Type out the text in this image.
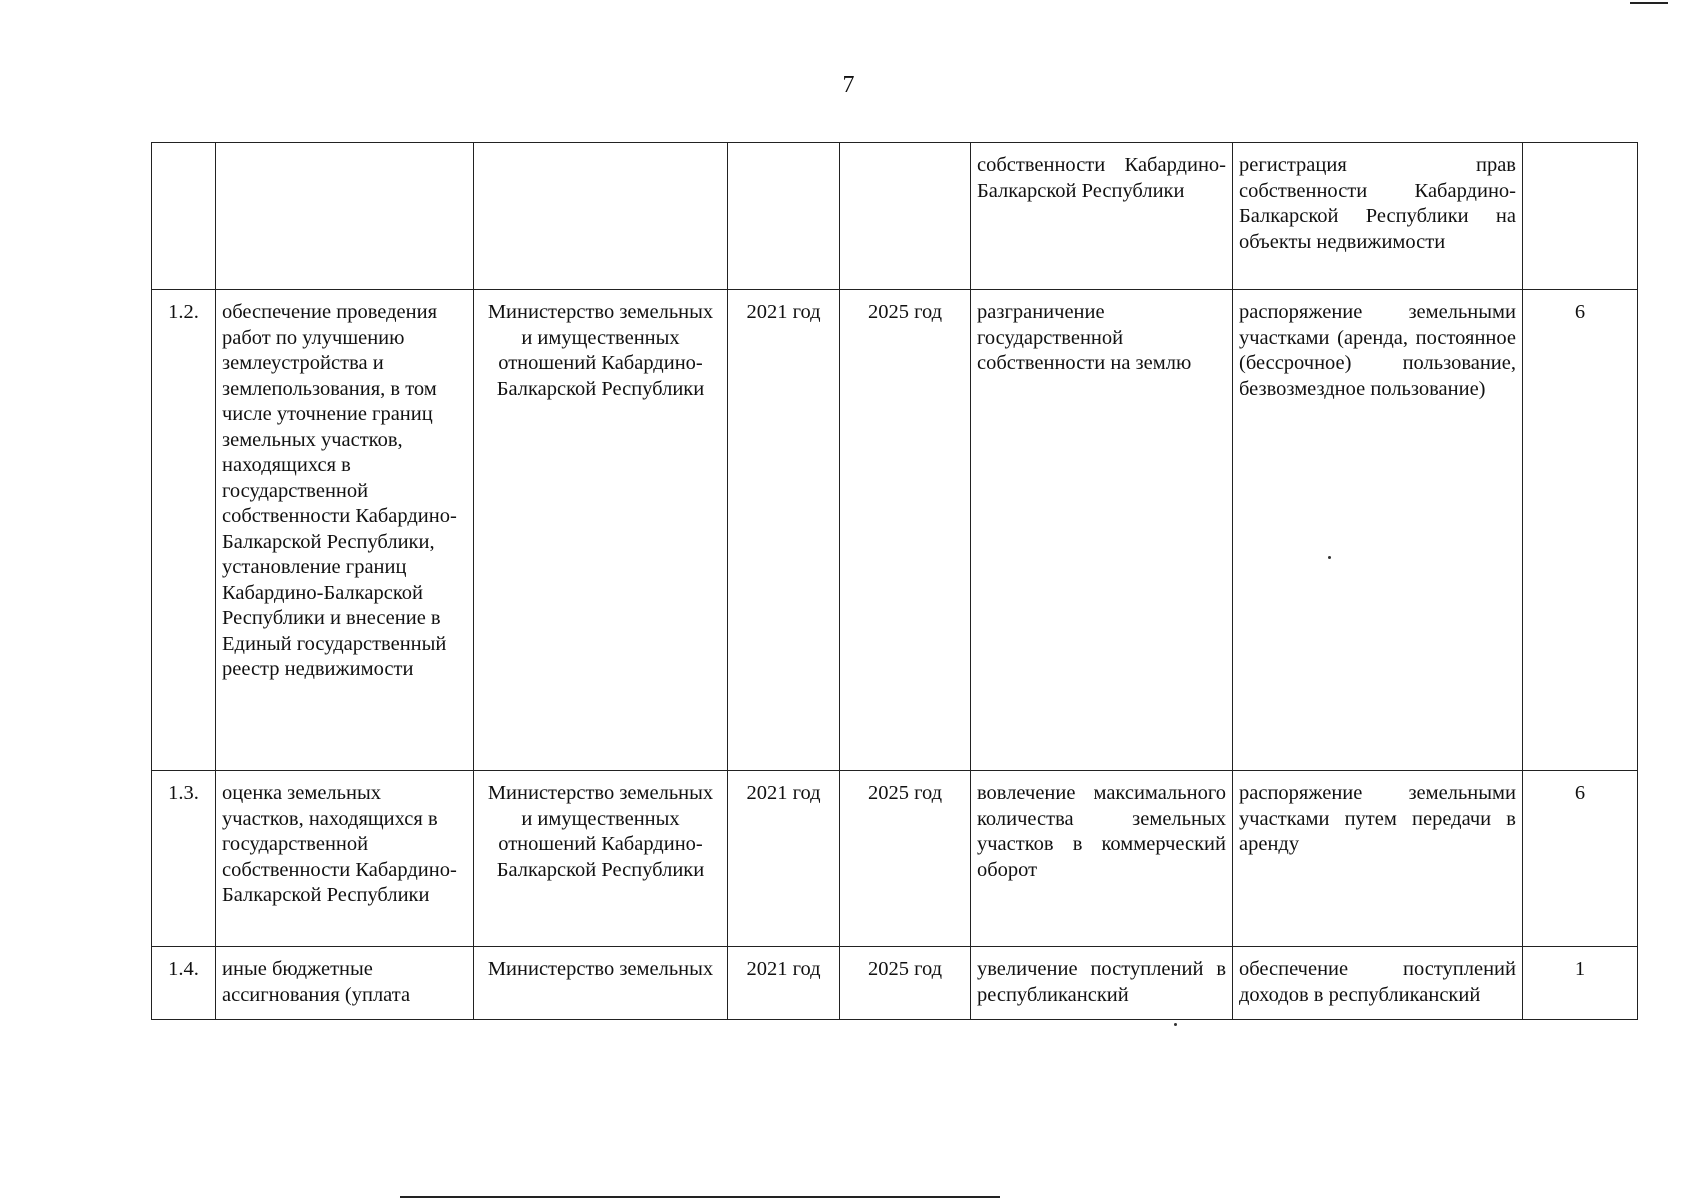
7
					собственности Кабардино-Балкарской Республики	регистрация прав собственности Кабардино-Балкарской Республики на объекты недвижимости	
1.2.	обеспечение проведения работ по улучшению землеустройства и землепользования, в том числе уточнение границ земельных участков, находящихся в государственной собственности Кабардино-Балкарской Республики, установление границ Кабардино-Балкарской Республики и внесение в Единый государственный реестр недвижимости	Министерство земельных и имущественных отношений Кабардино-Балкарской Республики	2021 год	2025 год	разграничение государственной собственности на землю	распоряжение земельными участками (аренда, постоянное (бессрочное) пользование, безвозмездное пользование)	6
1.3.	оценка земельных участков, находящихся в государственной собственности Кабардино-Балкарской Республики	Министерство земельных и имущественных отношений Кабардино-Балкарской Республики	2021 год	2025 год	вовлечение максимального количества земельных участков в коммерческий оборот	распоряжение земельными участками путем передачи в аренду	6
1.4.	иные бюджетные ассигнования (уплата	Министерство земельных	2021 год	2025 год	увеличение поступлений в республиканский	обеспечение поступлений доходов в республиканский	1
